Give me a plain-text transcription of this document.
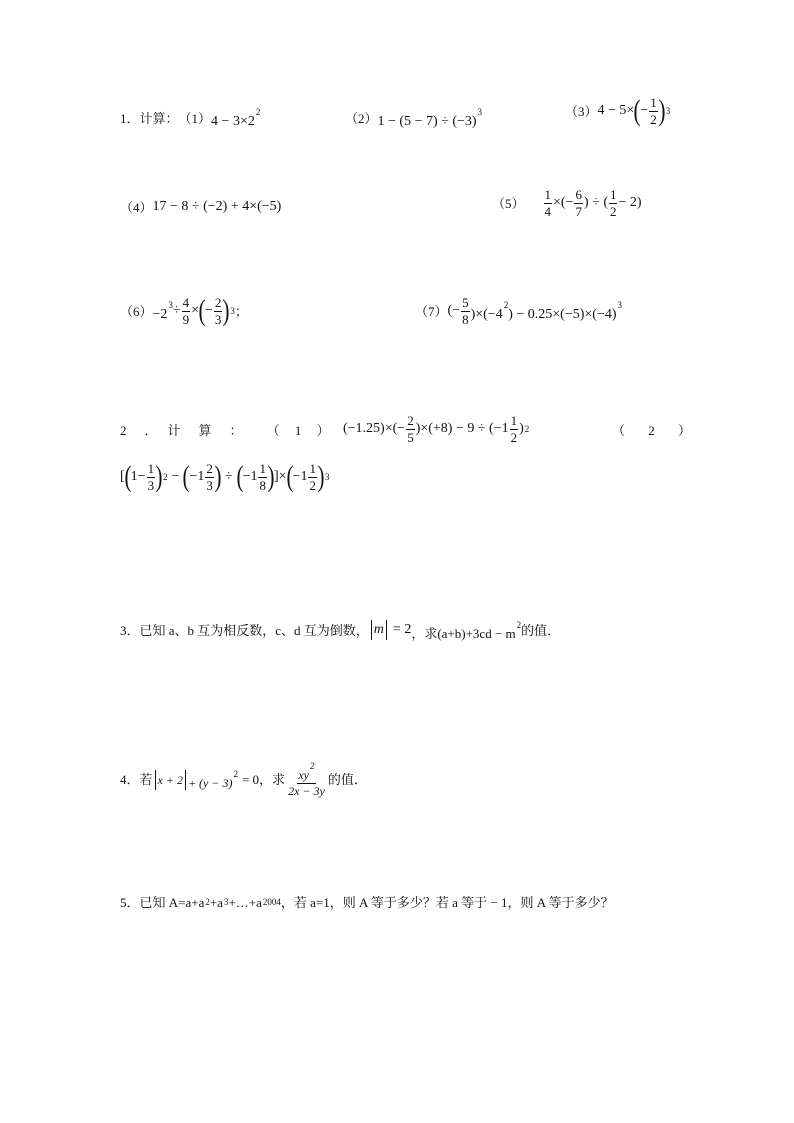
1． 计算： （1） $4 - 3\times 2^2$	（2） $1 - (5 - 7) \div (-3)^3$	（3） 4 − 5× ( − $\frac{1}{2}$ ) 3
（4） 17 − 8 ÷ (−2) + 4×(−5)	$(5) \frac{1}{4}$ ×(− $\frac{6}{7}$ ) ÷ ( $\frac{1}{2} - 2$)
$(6) -2^3 \div \frac{4}{9}$ × ( − $\frac{2}{3}$ ) 3 ；	（7） (− $\frac{5}{8} )\times(-4^2$
) − $0.25\times(-5)\times(-4)^3$
2 ． 计 算 ： （ 1 ） $(-1.25)\times(- \frac{2}{5} )\times(+8) - 9 \div (-1 \frac{1}{2}$ ) 2	（ 2 ）
[ ( $1- \frac{1}{3}$ ) 2 − ( $-1 \frac{2}{3}$ ) ÷ ( $-1 \frac{1}{8}$ ) ]× ( $-1 \frac{1}{2}$ ) 3
3．已知 a、b 互为相反数，c、d 互为倒数， m = 2 ，求$(a+b)+3cd - m^2$ 的值．
4．若 $x + 2 + (y - 3)^2 = 0$，求 $\frac{xy^2}{2x - 3y}$ 的值．
5．已知 A=a+a 2 +a 3 +…+a 2004 ，若 a=1，则 A 等于多少？若 a 等于 − 1，则 A 等于多少？
